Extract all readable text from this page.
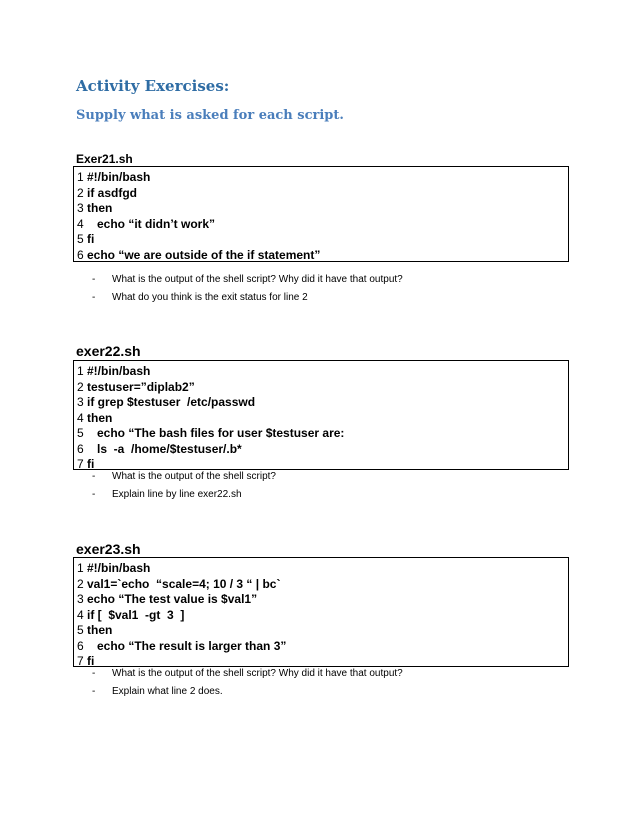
Activity Exercises:
Supply what is asked for each script.
Exer21.sh
1 #!/bin/bash
2 if asdfgd
3 then
4 echo “it didn’t work”
5 fi
6 echo “we are outside of the if statement”
-	What is the output of the shell script? Why did it have that output?
-	What do you think is the exit status for line 2
exer22.sh
1 #!/bin/bash
2 testuser=”diplab2”
3 if grep $testuser  /etc/passwd
4 then
5 echo “The bash files for user $testuser are:
6 ls  -a  /home/$testuser/.b*
7 fi
-	What is the output of the shell script?
-	Explain line by line exer22.sh
exer23.sh
1 #!/bin/bash
2 val1=`echo  “scale=4; 10 / 3 “ | bc`
3 echo “The test value is $val1”
4 if [  $val1  -gt  3  ]
5 then
6 echo “The result is larger than 3”
7 fi
-	What is the output of the shell script? Why did it have that output?
-	Explain what line 2 does.
